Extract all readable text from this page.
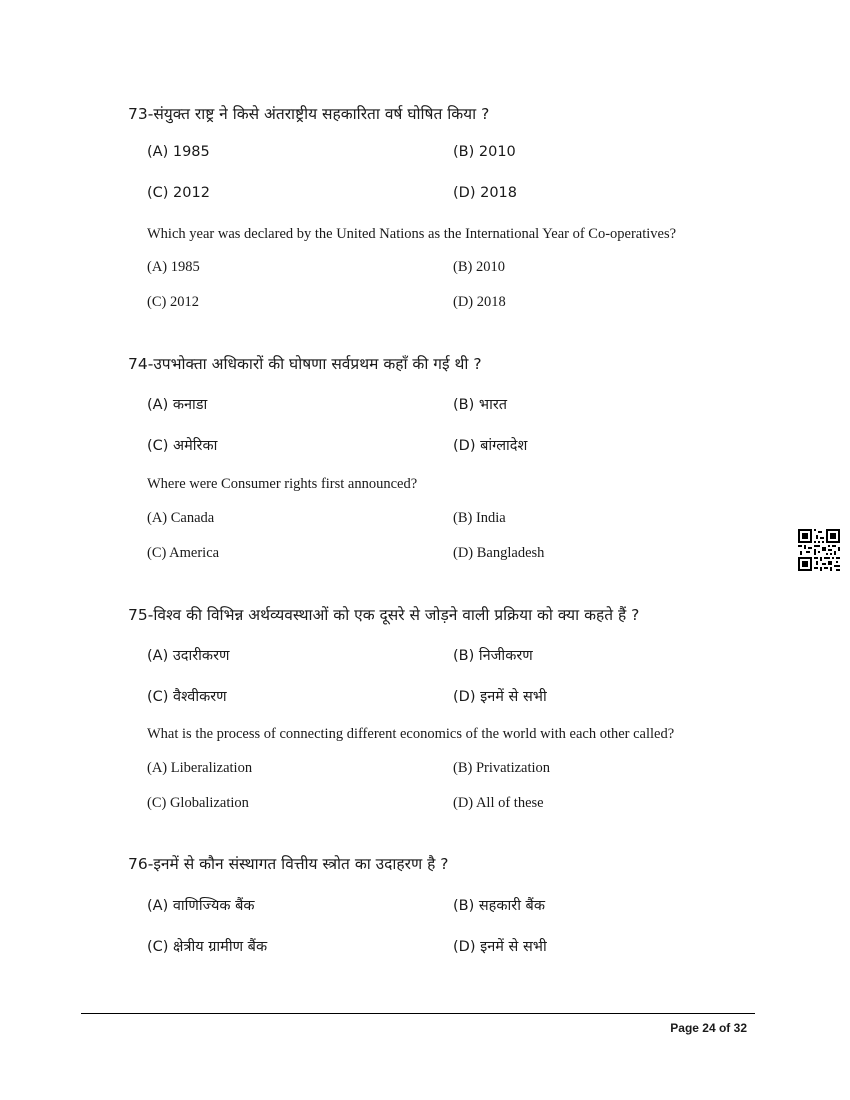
73-संयुक्त राष्ट्र ने किसे अंतराष्ट्रीय सहकारिता वर्ष घोषित किया ?
(A) 1985	(B) 2010
(C) 2012	(D) 2018
Which year was declared by the United Nations as the International Year of Co-operatives?
(A) 1985	(B) 2010
(C) 2012	(D) 2018
74-उपभोक्ता अधिकारों की घोषणा सर्वप्रथम कहाँ की गई थी ?
(A) कनाडा	(B) भारत
(C) अमेरिका	(D) बांग्लादेश
Where were Consumer rights first announced?
(A) Canada	(B) India
(C) America	(D) Bangladesh
75-विश्व की विभिन्न अर्थव्यवस्थाओं को एक दूसरे से जोड़ने वाली प्रक्रिया को क्या कहते हैं ?
(A) उदारीकरण	(B) निजीकरण
(C) वैश्वीकरण	(D) इनमें से सभी
What is the process of connecting different economics of the world with each other called?
(A) Liberalization	(B) Privatization
(C) Globalization	(D) All of these
76-इनमें से कौन संस्थागत वित्तीय स्त्रोत का उदाहरण है ?
(A) वाणिज्यिक बैंक	(B) सहकारी बैंक
(C) क्षेत्रीय ग्रामीण बैंक	(D) इनमें से सभी
Page 24 of 32
